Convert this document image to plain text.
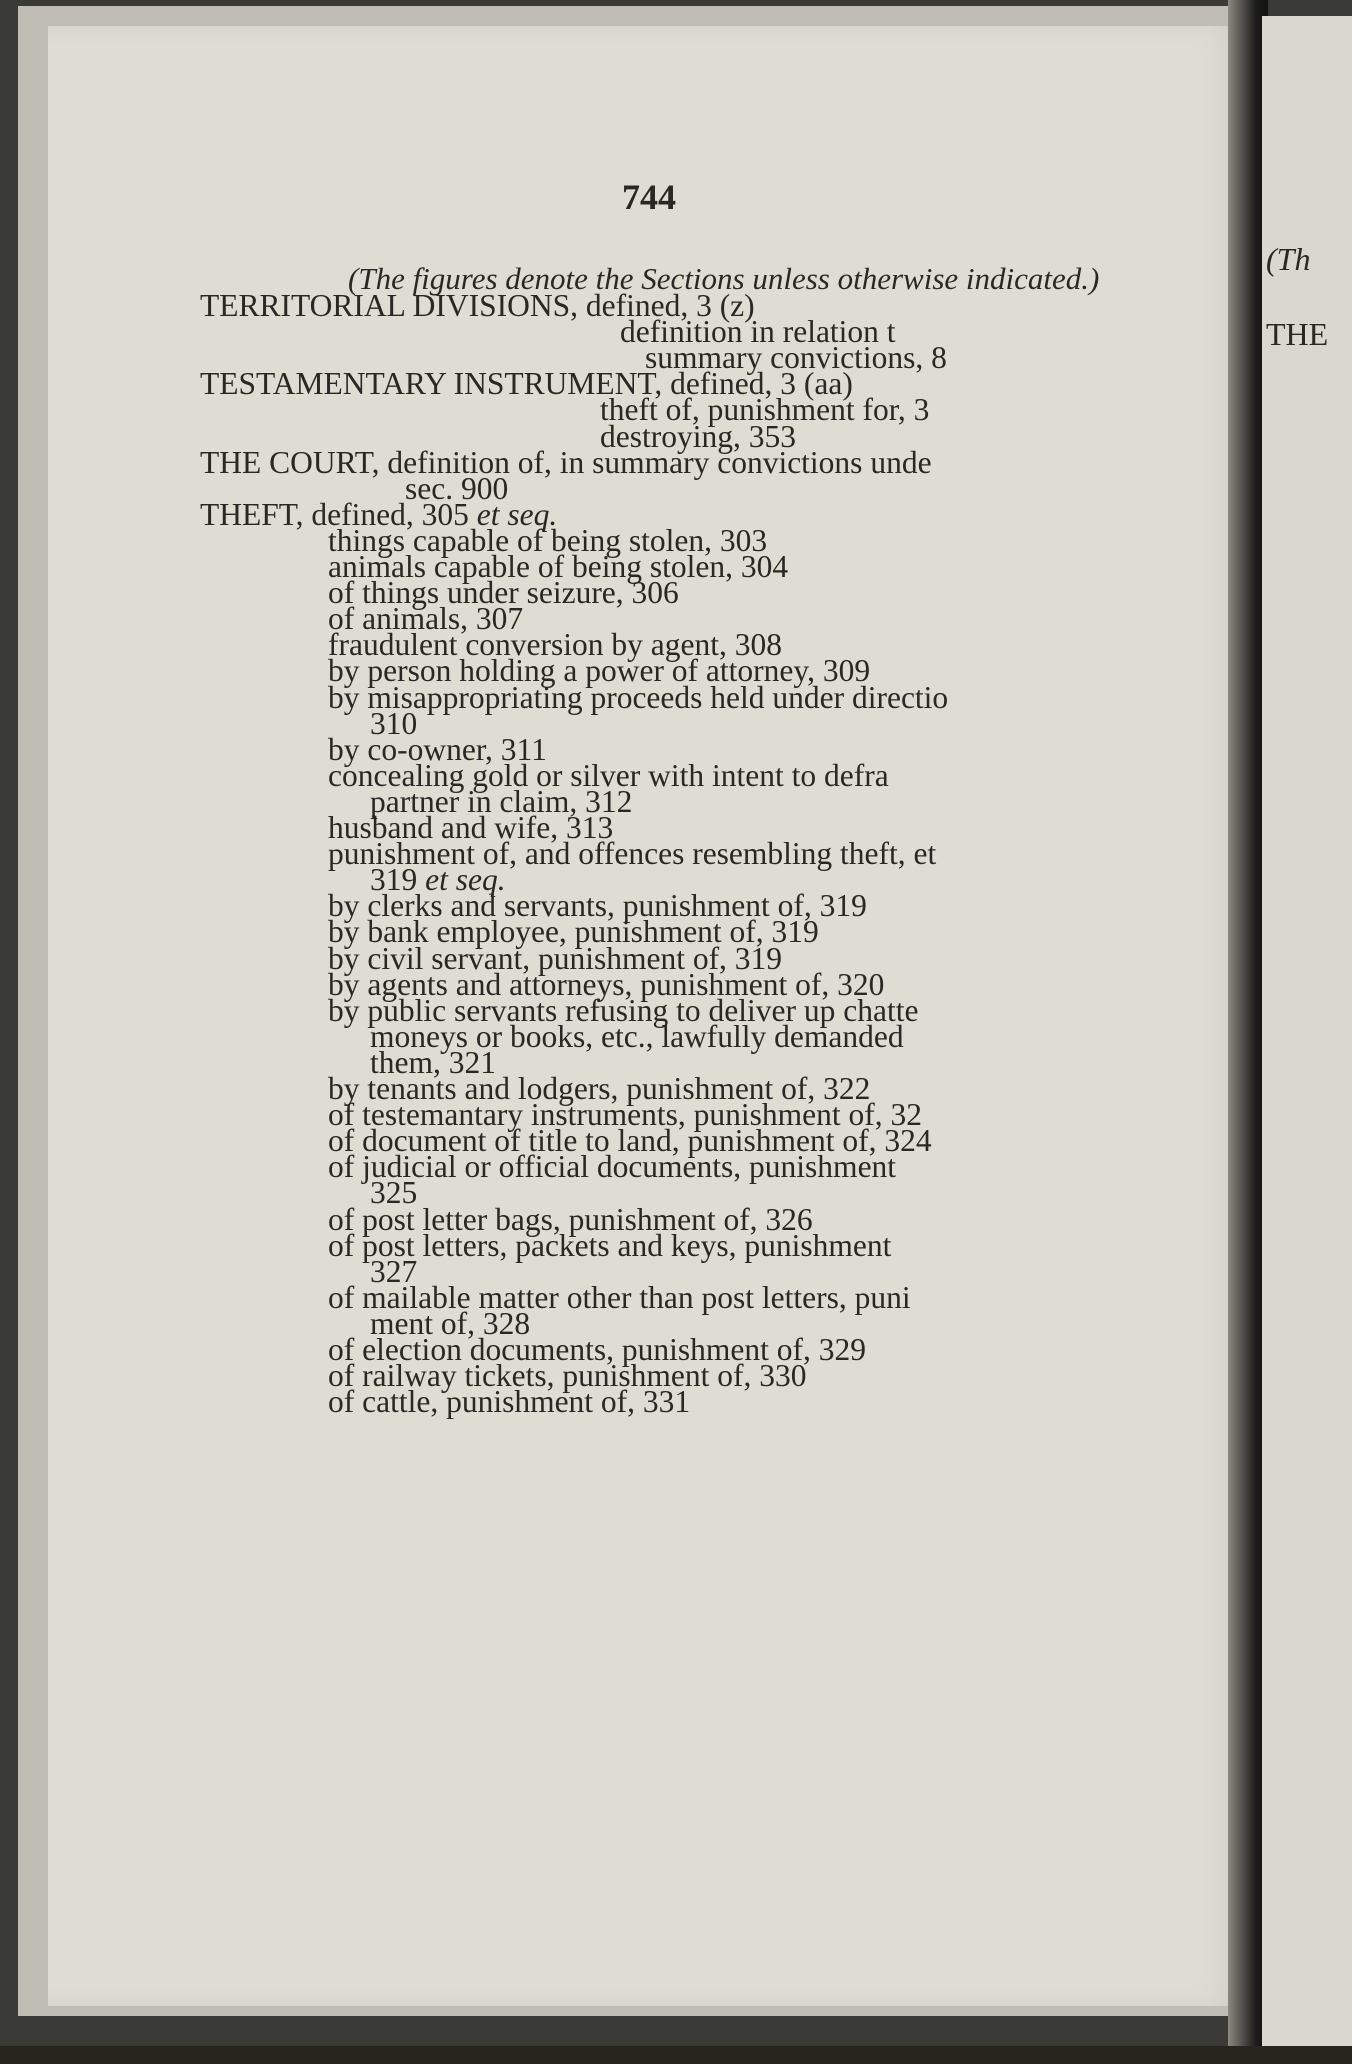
744
(The figures denote the Sections unless otherwise indicated.)
TERRITORIAL DIVISIONS, defined, 3 (z)
definition in relation t
summary convictions, 8
TESTAMENTARY INSTRUMENT, defined, 3 (aa)
theft of, punishment for, 3
destroying, 353
THE COURT, definition of, in summary convictions unde
sec. 900
THEFT, defined, 305 et seq.
things capable of being stolen, 303
animals capable of being stolen, 304
of things under seizure, 306
of animals, 307
fraudulent conversion by agent, 308
by person holding a power of attorney, 309
by misappropriating proceeds held under directio
310
by co-owner, 311
concealing gold or silver with intent to defra
partner in claim, 312
husband and wife, 313
punishment of, and offences resembling theft, et
319 et seq.
by clerks and servants, punishment of, 319
by bank employee, punishment of, 319
by civil servant, punishment of, 319
by agents and attorneys, punishment of, 320
by public servants refusing to deliver up chatte
moneys or books, etc., lawfully demanded
them, 321
by tenants and lodgers, punishment of, 322
of testemantary instruments, punishment of, 32
of document of title to land, punishment of, 324
of judicial or official documents, punishment
325
of post letter bags, punishment of, 326
of post letters, packets and keys, punishment
327
of mailable matter other than post letters, puni
ment of, 328
of election documents, punishment of, 329
of railway tickets, punishment of, 330
of cattle, punishment of, 331
(Th
THE
